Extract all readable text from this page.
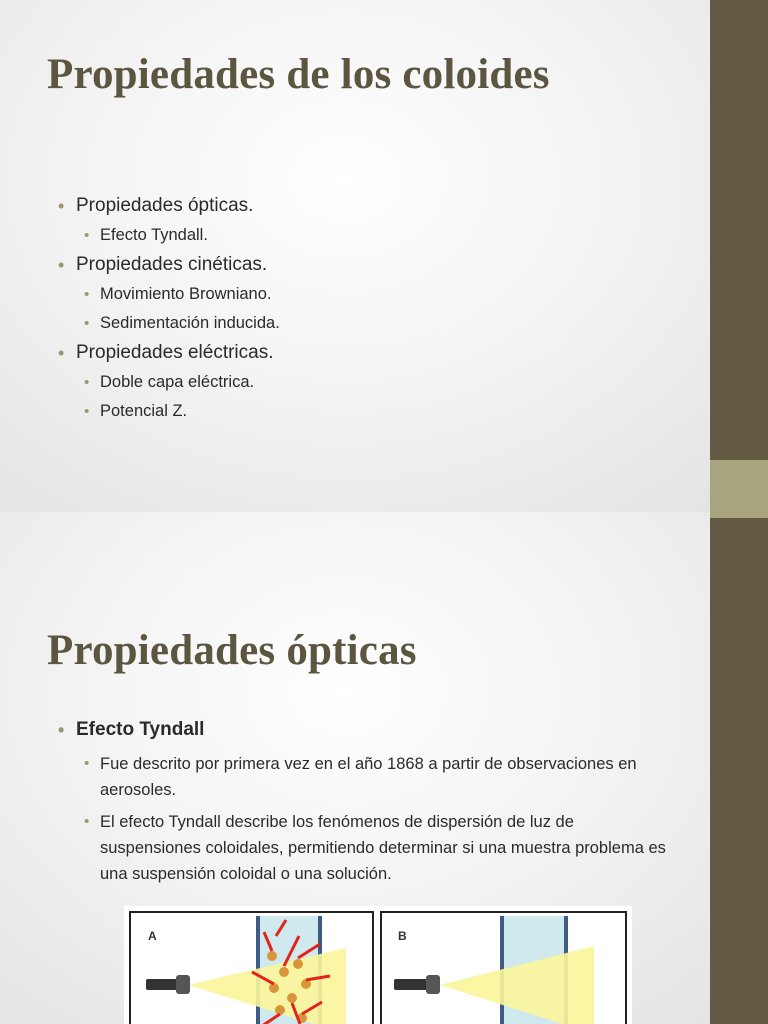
Propiedades de los coloides
• Propiedades ópticas.
• Efecto Tyndall.
• Propiedades cinéticas.
• Movimiento Browniano.
• Sedimentación inducida.
• Propiedades eléctricas.
• Doble capa eléctrica.
• Potencial Z.
Propiedades ópticas
• Efecto Tyndall
• Fue descrito por primera vez en el año 1868 a partir de observaciones en aerosoles.
• El efecto Tyndall describe los fenómenos de dispersión de luz de suspensiones coloidales, permitiendo determinar si una muestra problema es una suspensión coloidal o una solución.
A	B
